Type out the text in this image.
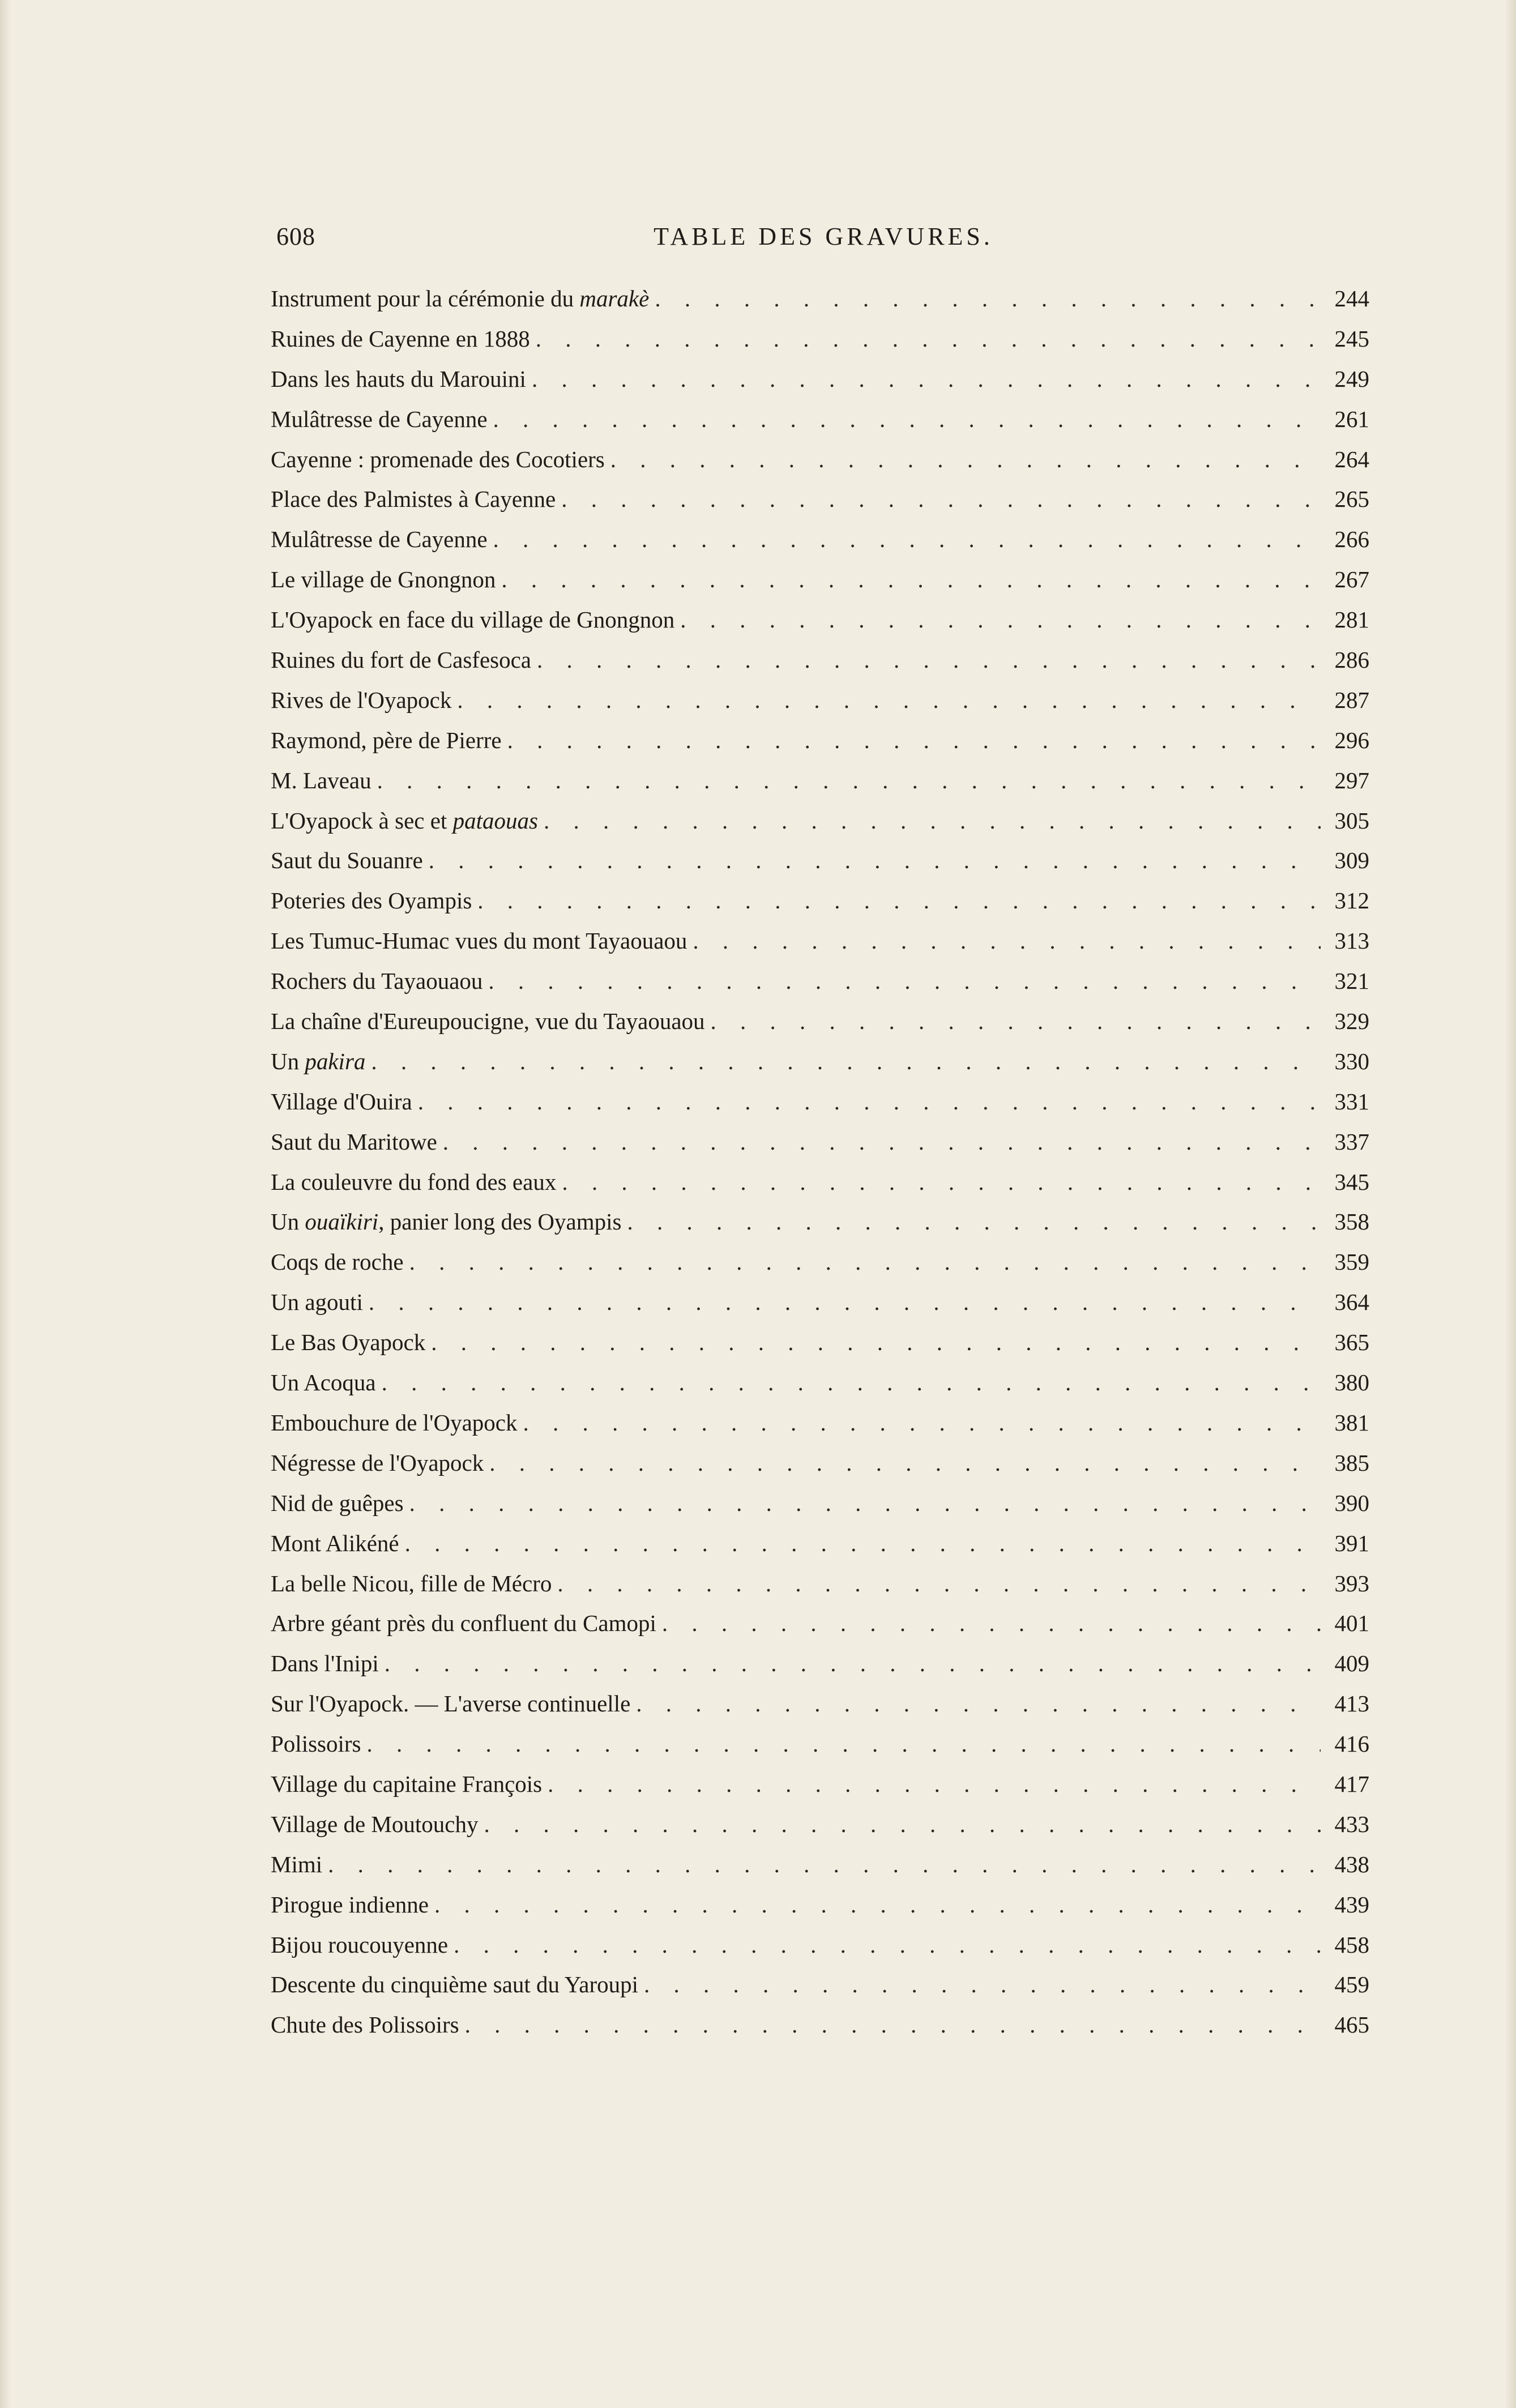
608	TABLE DES GRAVURES.
Instrument pour la cérémonie du marakè . . .	244
Ruines de Cayenne en 1888 . . .	245
Dans les hauts du Marouini . . .	249
Mulâtresse de Cayenne . . .	261
Cayenne : promenade des Cocotiers . . .	264
Place des Palmistes à Cayenne . . .	265
Mulâtresse de Cayenne . . .	266
Le village de Gnongnon . . .	267
L'Oyapock en face du village de Gnongnon . . .	281
Ruines du fort de Casfesoca . . .	286
Rives de l'Oyapock . . .	287
Raymond, père de Pierre . . .	296
M. Laveau . . .	297
L'Oyapock à sec et pataouas . . .	305
Saut du Souanre . . .	309
Poteries des Oyampis . . .	312
Les Tumuc-Humac vues du mont Tayaouaou . . .	313
Rochers du Tayaouaou . . .	321
La chaîne d'Eureupoucigne, vue du Tayaouaou . . .	329
Un pakira . . .	330
Village d'Ouira . . .	331
Saut du Maritowe . . .	337
La couleuvre du fond des eaux . . .	345
Un ouaïkiri, panier long des Oyampis . . .	358
Coqs de roche . . .	359
Un agouti . . .	364
Le Bas Oyapock . . .	365
Un Acoqua . . .	380
Embouchure de l'Oyapock . . .	381
Négresse de l'Oyapock . . .	385
Nid de guêpes . . .	390
Mont Alikéné . . .	391
La belle Nicou, fille de Mécro . . .	393
Arbre géant près du confluent du Camopi . . .	401
Dans l'Inipi . . .	409
Sur l'Oyapock. — L'averse continuelle . . .	413
Polissoirs . . .	416
Village du capitaine François . . .	417
Village de Moutouchy . . .	433
Mimi . . .	438
Pirogue indienne . . .	439
Bijou roucouyenne . . .	458
Descente du cinquième saut du Yaroupi . . .	459
Chute des Polissoirs . . .	465
